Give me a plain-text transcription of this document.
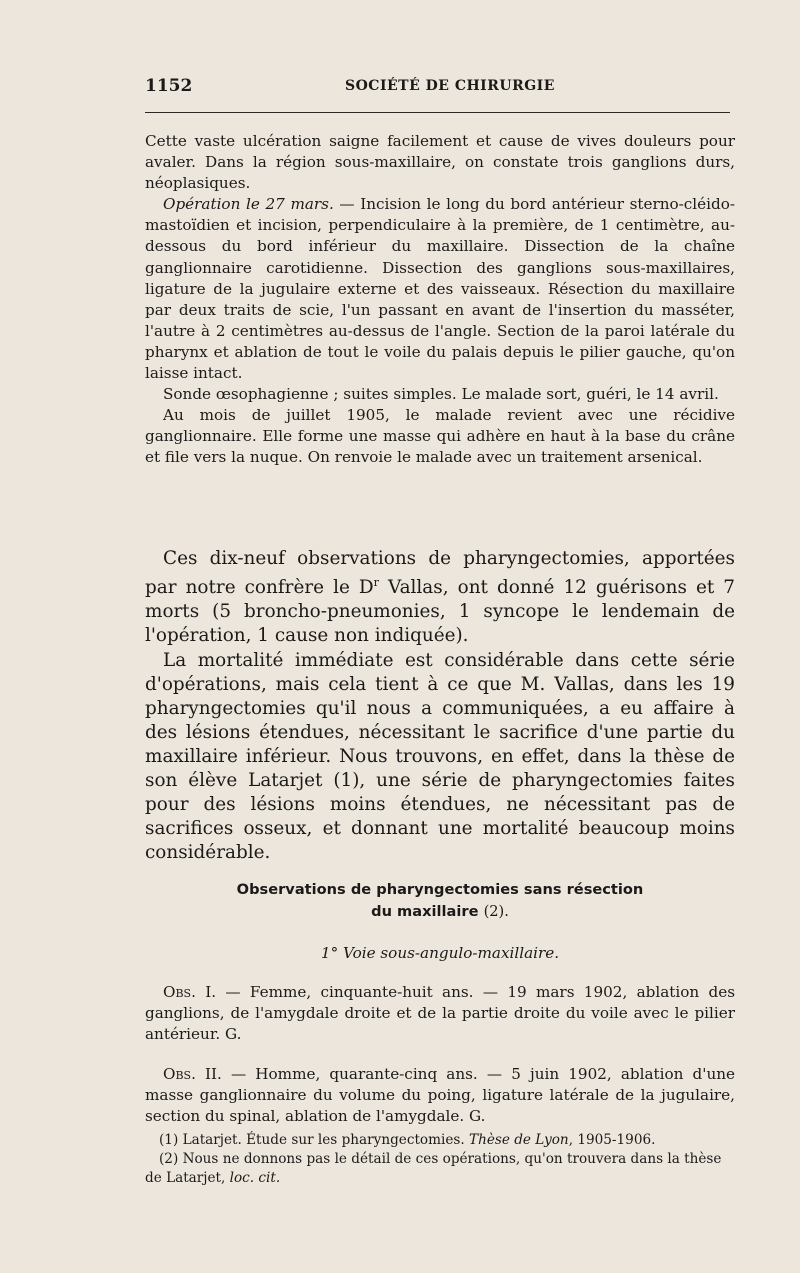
1152	SOCIÉTÉ DE CHIRURGIE

Cette vaste ulcération saigne facilement et cause de vives douleurs pour avaler. Dans la région sous-maxillaire, on constate trois ganglions durs, néoplasiques.

Opération le 27 mars. — Incision le long du bord antérieur sterno-cléido-mastoïdien et incision, perpendiculaire à la première, de 1 centimètre, au-dessous du bord inférieur du maxillaire. Dissection de la chaîne ganglionnaire carotidienne. Dissection des ganglions sous-maxillaires, ligature de la jugulaire externe et des vaisseaux. Résection du maxillaire par deux traits de scie, l'un passant en avant de l'insertion du masséter, l'autre à 2 centimètres au-dessus de l'angle. Section de la paroi latérale du pharynx et ablation de tout le voile du palais depuis le pilier gauche, qu'on laisse intact.

Sonde œsophagienne ; suites simples. Le malade sort, guéri, le 14 avril.

Au mois de juillet 1905, le malade revient avec une récidive ganglionnaire. Elle forme une masse qui adhère en haut à la base du crâne et file vers la nuque. On renvoie le malade avec un traitement arsenical.

Ces dix-neuf observations de pharyngectomies, apportées par notre confrère le $D^r$ Vallas, ont donné 12 guérisons et 7 morts (5 broncho-pneumonies, 1 syncope le lendemain de l'opération, 1 cause non indiquée).

La mortalité immédiate est considérable dans cette série d'opérations, mais cela tient à ce que M. Vallas, dans les 19 pharyngectomies qu'il nous a communiquées, a eu affaire à des lésions étendues, nécessitant le sacrifice d'une partie du maxillaire inférieur. Nous trouvons, en effet, dans la thèse de son élève Latarjet (1), une série de pharyngectomies faites pour des lésions moins étendues, ne nécessitant pas de sacrifices osseux, et donnant une mortalité beaucoup moins considérable.

Observations de pharyngectomies sans résection
du maxillaire (2).
1° Voie sous-angulo-maxillaire.

Obs. I. — Femme, cinquante-huit ans. — 19 mars 1902, ablation des ganglions, de l'amygdale droite et de la partie droite du voile avec le pilier antérieur. G.

Obs. II. — Homme, quarante-cinq ans. — 5 juin 1902, ablation d'une masse ganglionnaire du volume du poing, ligature latérale de la jugulaire, section du spinal, ablation de l'amygdale. G.

(1) Latarjet. Étude sur les pharyngectomies. Thèse de Lyon, 1905-1906.

(2) Nous ne donnons pas le détail de ces opérations, qu'on trouvera dans la thèse de Latarjet, loc. cit.
